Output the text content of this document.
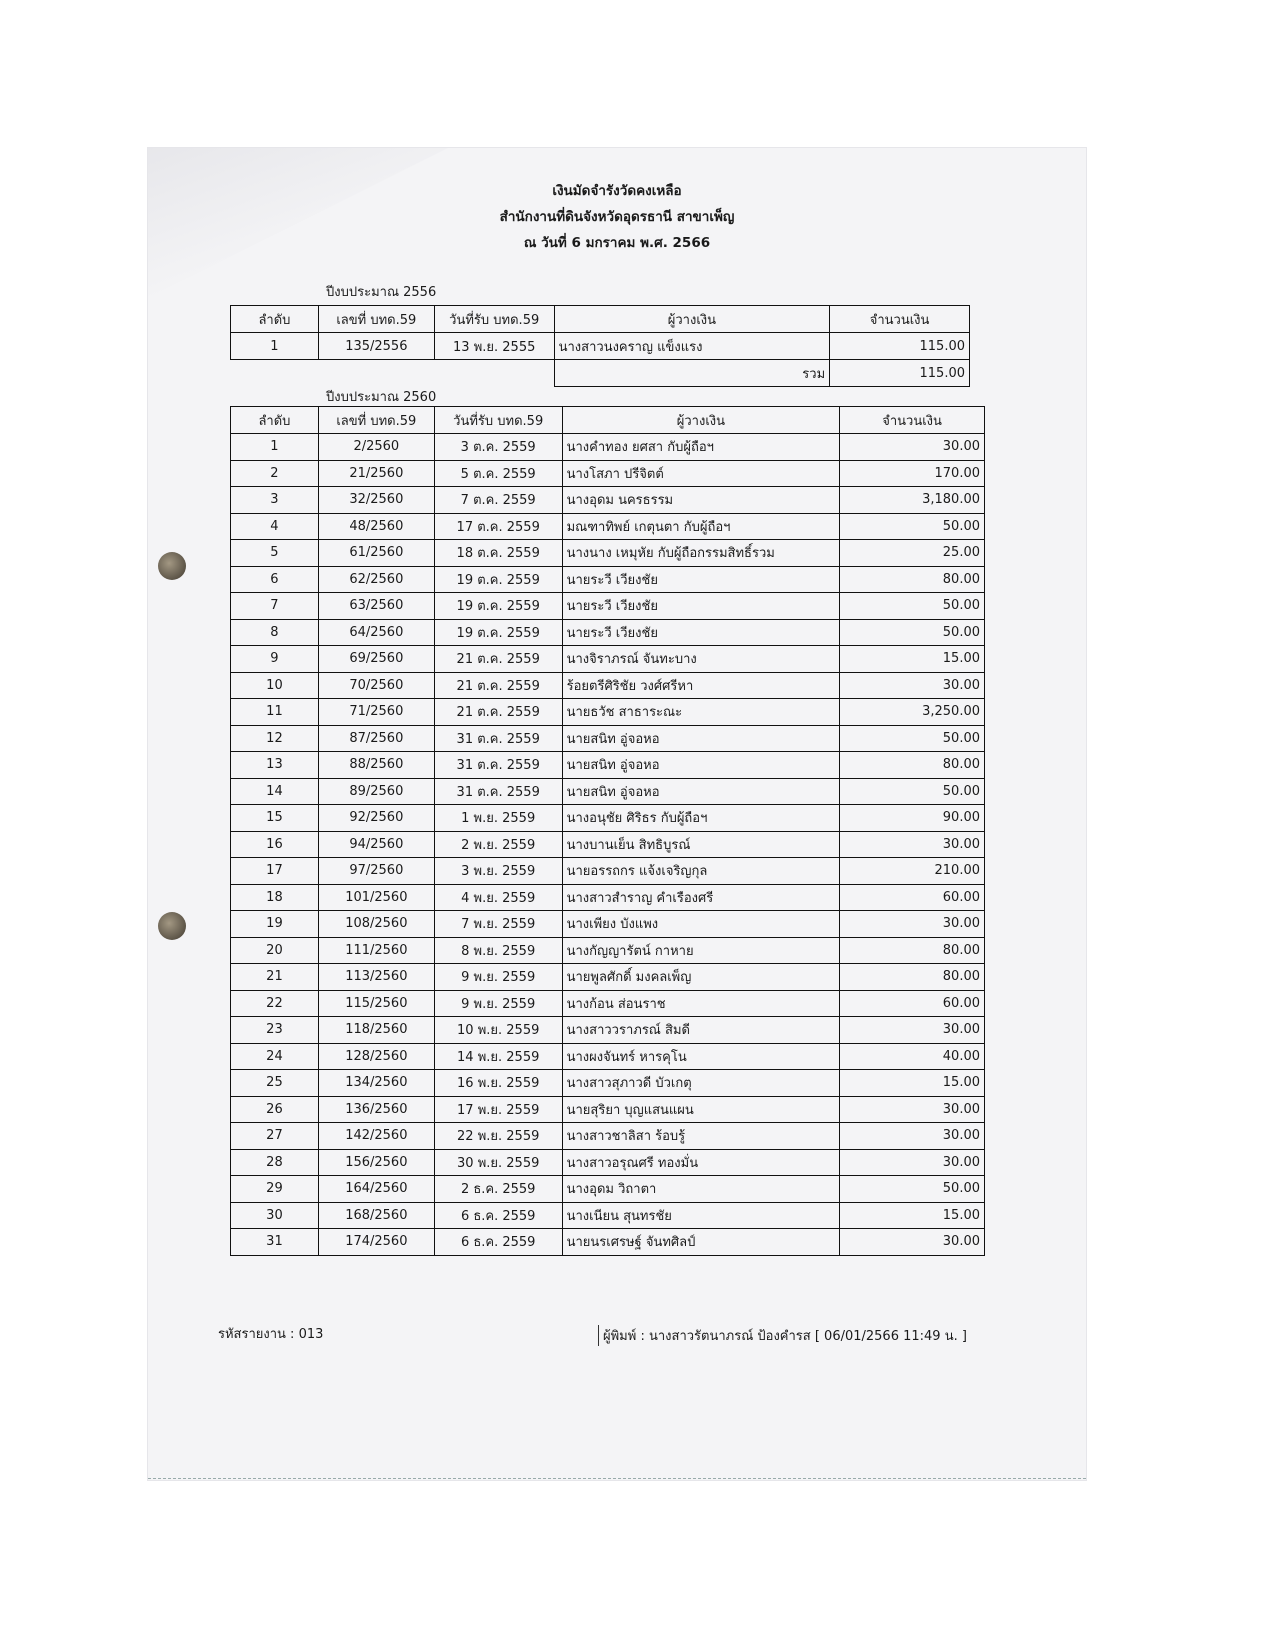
เงินมัดจำรังวัดคงเหลือ
สำนักงานที่ดินจังหวัดอุดรธานี สาขาเพ็ญ
ณ วันที่ 6 มกราคม พ.ศ. 2566
ปีงบประมาณ 2556
ลำดับ	เลขที่ บทด.59	วันที่รับ บทด.59	ผู้วางเงิน	จำนวนเงิน
1	135/2556	13 พ.ย. 2555	นางสาวนงคราญ แข็งแรง	115.00
			รวม	115.00
ปีงบประมาณ 2560
ลำดับ	เลขที่ บทด.59	วันที่รับ บทด.59	ผู้วางเงิน	จำนวนเงิน
1	2/2560	3 ต.ค. 2559	นางคำทอง ยศสา กับผู้ถือฯ	30.00
2	21/2560	5 ต.ค. 2559	นางโสภา ปรีจิตต์	170.00
3	32/2560	7 ต.ค. 2559	นางอุดม นครธรรม	3,180.00
4	48/2560	17 ต.ค. 2559	มณฑาทิพย์ เกตุนตา กับผู้ถือฯ	50.00
5	61/2560	18 ต.ค. 2559	นางนาง เหมุหัย กับผู้ถือกรรมสิทธิ์รวม	25.00
6	62/2560	19 ต.ค. 2559	นายระวี เวียงชัย	80.00
7	63/2560	19 ต.ค. 2559	นายระวี เวียงชัย	50.00
8	64/2560	19 ต.ค. 2559	นายระวี เวียงชัย	50.00
9	69/2560	21 ต.ค. 2559	นางจิราภรณ์ จันทะบาง	15.00
10	70/2560	21 ต.ค. 2559	ร้อยตรีศิริชัย วงศ์ศรีหา	30.00
11	71/2560	21 ต.ค. 2559	นายธวัช สาธาระณะ	3,250.00
12	87/2560	31 ต.ค. 2559	นายสนิท อู่จอหอ	50.00
13	88/2560	31 ต.ค. 2559	นายสนิท อู่จอหอ	80.00
14	89/2560	31 ต.ค. 2559	นายสนิท อู่จอหอ	50.00
15	92/2560	1 พ.ย. 2559	นางอนุชัย ศิริธร กับผู้ถือฯ	90.00
16	94/2560	2 พ.ย. 2559	นางบานเย็น สิทธิบูรณ์	30.00
17	97/2560	3 พ.ย. 2559	นายอรรถกร แจ้งเจริญกุล	210.00
18	101/2560	4 พ.ย. 2559	นางสาวสำราญ คำเรืองศรี	60.00
19	108/2560	7 พ.ย. 2559	นางเพียง บังแพง	30.00
20	111/2560	8 พ.ย. 2559	นางกัญญารัตน์ กาหาย	80.00
21	113/2560	9 พ.ย. 2559	นายพูลศักดิ์ มงคลเพ็ญ	80.00
22	115/2560	9 พ.ย. 2559	นางก้อน ส่อนราช	60.00
23	118/2560	10 พ.ย. 2559	นางสาววราภรณ์ สิมดี	30.00
24	128/2560	14 พ.ย. 2559	นางผงจันทร์ หารคุโน	40.00
25	134/2560	16 พ.ย. 2559	นางสาวสุภาวดี บัวเกตุ	15.00
26	136/2560	17 พ.ย. 2559	นายสุริยา บุญแสนแผน	30.00
27	142/2560	22 พ.ย. 2559	นางสาวชาลิสา ร้อบรู้	30.00
28	156/2560	30 พ.ย. 2559	นางสาวอรุณศรี ทองมั่น	30.00
29	164/2560	2 ธ.ค. 2559	นางอุดม วิถาตา	50.00
30	168/2560	6 ธ.ค. 2559	นางเนียน สุนทรชัย	15.00
31	174/2560	6 ธ.ค. 2559	นายนรเศรษฐ์ จันทศิลป์	30.00
รหัสรายงาน : 013	ผู้พิมพ์ : นางสาวรัตนาภรณ์ ป้องคำรส [ 06/01/2566 11:49 น. ]
